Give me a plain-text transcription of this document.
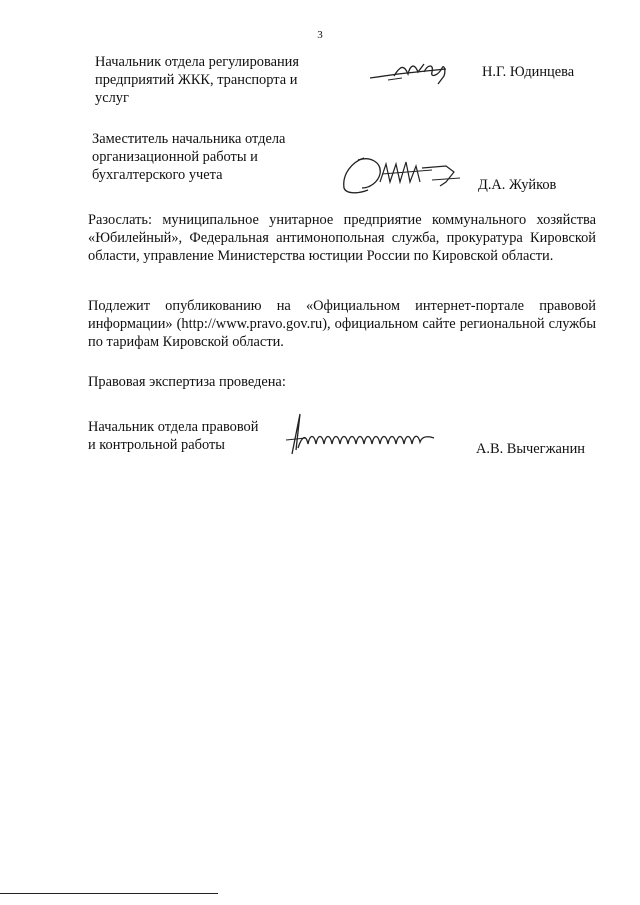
3
Начальник отдела регулирования
предприятий ЖКК, транспорта и
услуг
Н.Г. Юдинцева
Заместитель начальника отдела
организационной работы и
бухгалтерского учета
Д.А. Жуйков
Разослать: муниципальное унитарное предприятие коммунального хозяйства «Юбилейный», Федеральная антимонопольная служба, прокуратура Кировской области, управление Министерства юстиции России по Кировской области.
Подлежит опубликованию на «Официальном интернет-портале правовой информации» (http://www.pravo.gov.ru), официальном сайте региональной службы по тарифам Кировской области.
Правовая экспертиза проведена:
Начальник отдела правовой
и контрольной работы	А.В. Вычегжанин
